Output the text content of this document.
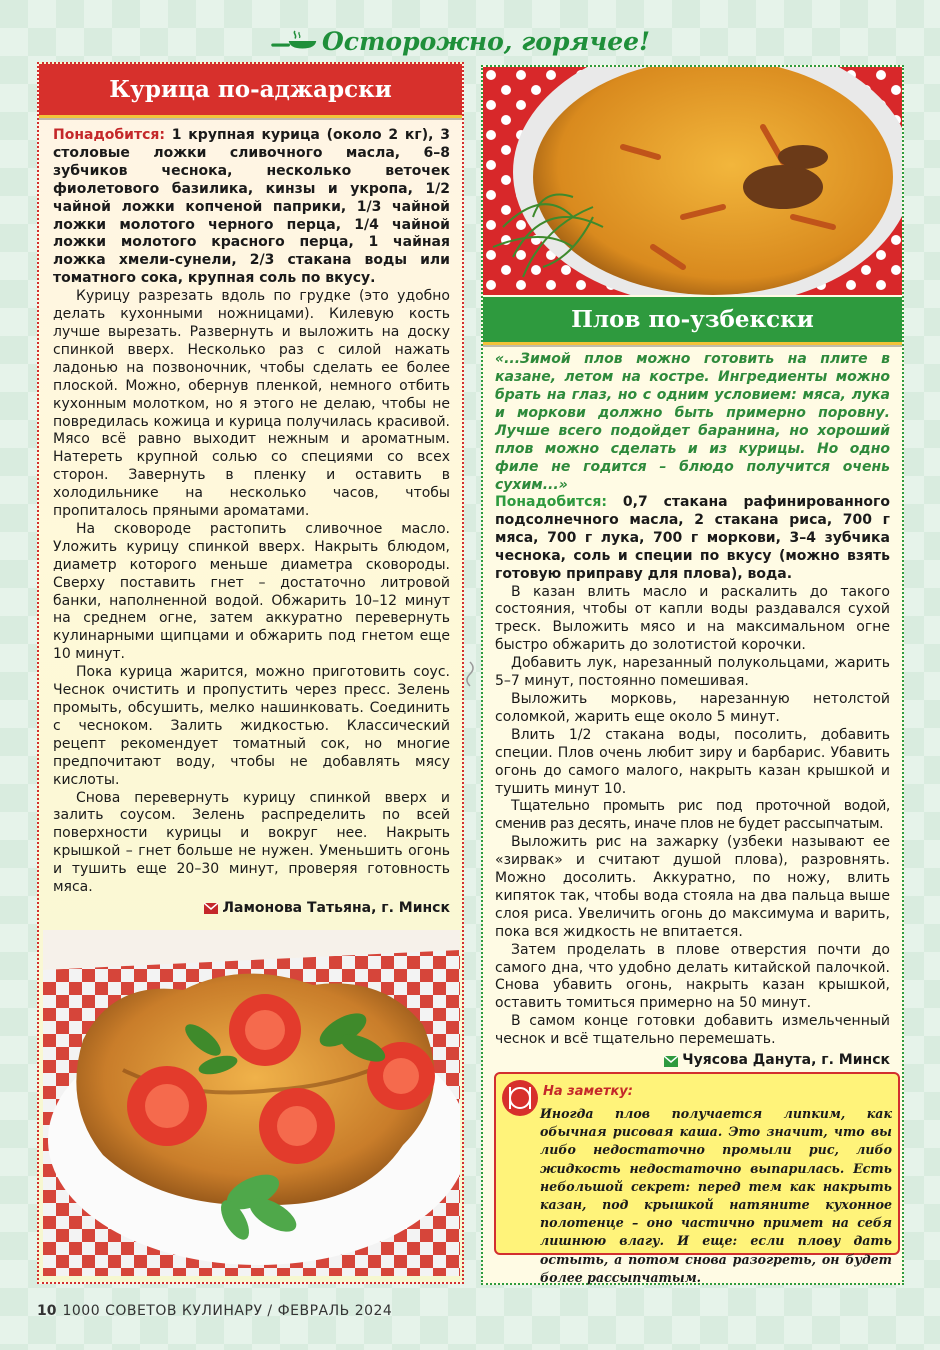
Осторожно, горячее!
Курица по-аджарски

Понадобится: 1 крупная курица (около 2 кг), 3 столовые ложки сливочного масла, 6–8 зубчиков чеснока, несколько веточек фиолетового базилика, кинзы и укропа, 1/2 чайной ложки копченой паприки, 1/3 чайной ложки молотого черного перца, 1/4 чайной ложки молотого красного перца, 1 чайная ложка хмели-сунели, 2/3 стакана воды или томатного сока, крупная соль по вкусу.

Курицу разрезать вдоль по грудке (это удобно делать кухонными ножницами). Килевую кость лучше вырезать. Развернуть и выложить на доску спинкой вверх. Несколько раз с силой нажать ладонью на позвоночник, чтобы сделать ее более плоской. Можно, обернув пленкой, немного отбить кухонным молотком, но я этого не делаю, чтобы не повредилась кожица и курица получилась красивой. Мясо всё равно выходит нежным и ароматным. Натереть крупной солью со специями со всех сторон. Завернуть в пленку и оставить в холодильнике на несколько часов, чтобы пропиталось пряными ароматами.

На сковороде растопить сливочное масло. Уложить курицу спинкой вверх. Накрыть блюдом, диаметр которого меньше диаметра сковороды. Сверху поставить гнет – достаточно литровой банки, наполненной водой. Обжарить 10–12 минут на среднем огне, затем аккуратно перевернуть кулинарными щипцами и обжарить под гнетом еще 10 минут.

Пока курица жарится, можно приготовить соус. Чеснок очистить и пропустить через пресс. Зелень промыть, обсушить, мелко нашинковать. Соединить с чесноком. Залить жидкостью. Классический рецепт рекомендует томатный сок, но многие предпочитают воду, чтобы не добавлять мясу кислоты.

Снова перевернуть курицу спинкой вверх и залить соусом. Зелень распределить по всей поверхности курицы и вокруг нее. Накрыть крышкой – гнет больше не нужен. Уменьшить огонь и тушить еще 20–30 минут, проверяя готовность мяса.

Ламонова Татьяна, г. Минск
Плов по-узбекски

«...Зимой плов можно готовить на плите в казане, летом на костре. Ингредиенты можно брать на глаз, но с одним условием: мяса, лука и моркови должно быть примерно поровну. Лучше всего подойдет баранина, но хороший плов можно сделать и из курицы. Но одно филе не годится – блюдо получится очень сухим...»

Понадобится: 0,7 стакана рафинированного подсолнечного масла, 2 стакана риса, 700 г мяса, 700 г лука, 700 г моркови, 3–4 зубчика чеснока, соль и специи по вкусу (можно взять готовую приправу для плова), вода.

В казан влить масло и раскалить до такого состояния, чтобы от капли воды раздавался сухой треск. Выложить мясо и на максимальном огне быстро обжарить до золотистой корочки.

Добавить лук, нарезанный полукольцами, жарить 5–7 минут, постоянно помешивая.

Выложить морковь, нарезанную нетолстой соломкой, жарить еще около 5 минут.

Влить 1/2 стакана воды, посолить, добавить специи. Плов очень любит зиру и барбарис. Убавить огонь до самого малого, накрыть казан крышкой и тушить минут 10.

Тщательно промыть рис под проточной водой, сменив раз десять, иначе плов не будет рассыпчатым.

Выложить рис на зажарку (узбеки называют ее «зирвак» и считают душой плова), разровнять. Можно досолить. Аккуратно, по ножу, влить кипяток так, чтобы вода стояла на два пальца выше слоя риса. Увеличить огонь до максимума и варить, пока вся жидкость не впитается.

Затем проделать в плове отверстия почти до самого дна, что удобно делать китайской палочкой. Снова убавить огонь, накрыть казан крышкой, оставить томиться примерно на 50 минут.

В самом конце готовки добавить измельченный чеснок и всё тщательно перемешать.

Чуясова Данута, г. Минск
На заметку:

Иногда плов получается липким, как обычная рисовая каша. Это значит, что вы либо недостаточно промыли рис, либо жидкость недостаточно выпарилась. Есть небольшой секрет: перед тем как накрыть казан, под крышкой натяните кухонное полотенце – оно частично примет на себя лишнюю влагу. И еще: если плову дать остыть, а потом снова разогреть, он будет более рассыпчатым.

10 1000 СОВЕТОВ КУЛИНАРУ / ФЕВРАЛЬ 2024
